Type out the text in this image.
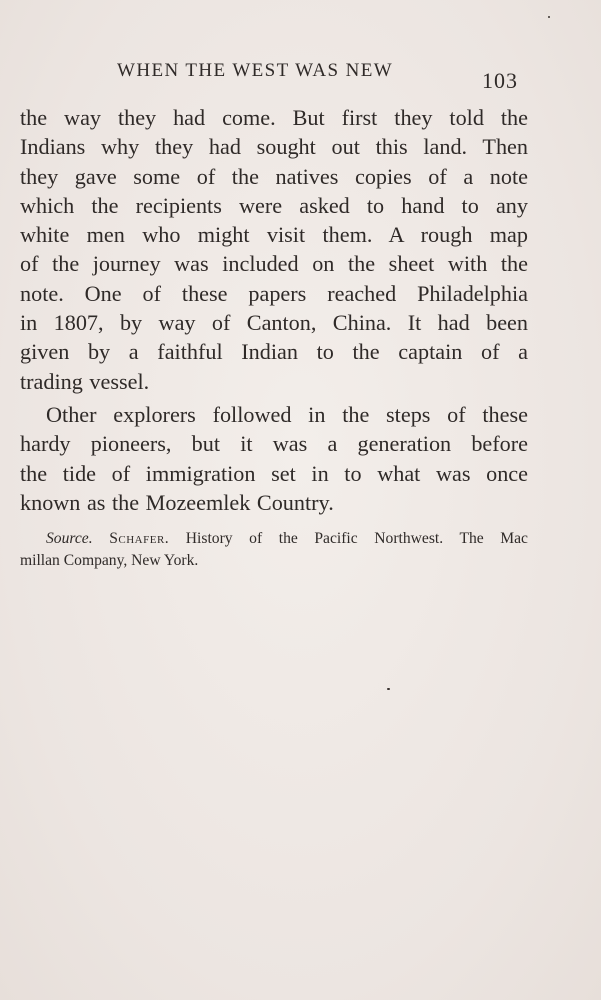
WHEN THE WEST WAS NEW	103

the way they had come. But first they told the
Indians why they had sought out this land. Then
they gave some of the natives copies of a note
which the recipients were asked to hand to any
white men who might visit them. A rough map
of the journey was included on the sheet with the
note. One of these papers reached Philadelphia
in 1807, by way of Canton, China. It had been
given by a faithful Indian to the captain of a
trading vessel.

Other explorers followed in the steps of these
hardy pioneers, but it was a generation before
the tide of immigration set in to what was once
known as the Mozeemlek Country.

Source. Schafer. History of the Pacific Northwest. The Mac
millan Company, New York.
